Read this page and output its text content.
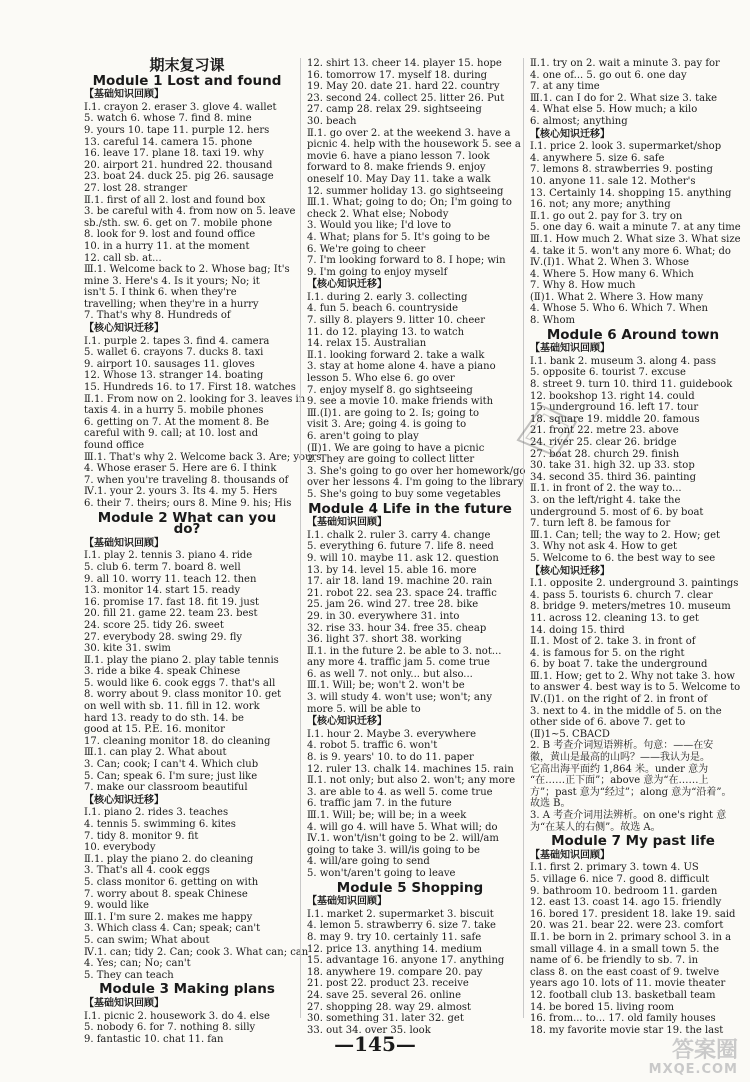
期末复习课
Module 1 Lost and found
【基础知识回顾】
Ⅰ.1. crayon 2. eraser 3. glove 4. wallet
5. watch 6. whose 7. find 8. mine
9. yours 10. tape 11. purple 12. hers
13. careful 14. camera 15. phone
16. leave 17. plane 18. taxi 19. why
20. airport 21. hundred 22. thousand
23. boat 24. duck 25. pig 26. sausage
27. lost 28. stranger
Ⅱ.1. first of all 2. lost and found box
3. be careful with 4. from now on 5. leave
sb./sth. sw. 6. get on 7. mobile phone
8. look for 9. lost and found office
10. in a hurry 11. at the moment
12. call sb. at...
Ⅲ.1. Welcome back to 2. Whose bag; It's
mine 3. Here's 4. Is it yours; No; it
isn't 5. I think 6. when they're
travelling; when they're in a hurry
7. That's why 8. Hundreds of
【核心知识迁移】
Ⅰ.1. purple 2. tapes 3. find 4. camera
5. wallet 6. crayons 7. ducks 8. taxi
9. airport 10. sausages 11. gloves
12. Whose 13. stranger 14. boating
15. Hundreds 16. to 17. First 18. watches
Ⅱ.1. From now on 2. looking for 3. leaves in
taxis 4. in a hurry 5. mobile phones
6. getting on 7. At the moment 8. Be
careful with 9. call; at 10. lost and
found office
Ⅲ.1. That's why 2. Welcome back 3. Are; yours
4. Whose eraser 5. Here are 6. I think
7. when you're traveling 8. thousands of
Ⅳ.1. your 2. yours 3. Its 4. my 5. Hers
6. their 7. theirs; ours 8. Mine 9. his; His
Module 2 What can you do?
【基础知识回顾】
Ⅰ.1. play 2. tennis 3. piano 4. ride
5. club 6. term 7. board 8. well
9. all 10. worry 11. teach 12. then
13. monitor 14. start 15. ready
16. promise 17. fast 18. fit 19. just
20. fill 21. game 22. team 23. best
24. score 25. tidy 26. sweet
27. everybody 28. swing 29. fly
30. kite 31. swim
Ⅱ.1. play the piano 2. play table tennis
3. ride a bike 4. speak Chinese
5. would like 6. cook eggs 7. that's all
8. worry about 9. class monitor 10. get
on well with sb. 11. fill in 12. work
hard 13. ready to do sth. 14. be
good at 15. P.E. 16. monitor
17. cleaning monitor 18. do cleaning
Ⅲ.1. can play 2. What about
3. Can; cook; I can't 4. Which club
5. Can; speak 6. I'm sure; just like
7. make our classroom beautiful
【核心知识迁移】
Ⅰ.1. piano 2. rides 3. teaches
4. tennis 5. swimming 6. kites
7. tidy 8. monitor 9. fit
10. everybody
Ⅱ.1. play the piano 2. do cleaning
3. That's all 4. cook eggs
5. class monitor 6. getting on with
7. worry about 8. speak Chinese
9. would like
Ⅲ.1. I'm sure 2. makes me happy
3. Which class 4. Can; speak; can't
5. can swim; What about
Ⅳ.1. can; tidy 2. Can; cook 3. What can; can
4. Yes; can; No; can't
5. They can teach
Module 3 Making plans
【基础知识回顾】
Ⅰ.1. picnic 2. housework 3. do 4. else
5. nobody 6. for 7. nothing 8. silly
9. fantastic 10. chat 11. fan
12. shirt 13. cheer 14. player 15. hope
16. tomorrow 17. myself 18. during
19. May 20. date 21. hard 22. country
23. second 24. collect 25. litter 26. Put
27. camp 28. relax 29. sightseeing
30. beach
Ⅱ.1. go over 2. at the weekend 3. have a
picnic 4. help with the housework 5. see a
movie 6. have a piano lesson 7. look
forward to 8. make friends 9. enjoy
oneself 10. May Day 11. take a walk
12. summer holiday 13. go sightseeing
Ⅲ.1. What; going to do; On; I'm going to
check 2. What else; Nobody
3. Would you like; I'd love to
4. What; plans for 5. It's going to be
6. We're going to cheer
7. I'm looking forward to 8. I hope; win
9. I'm going to enjoy myself
【核心知识迁移】
Ⅰ.1. during 2. early 3. collecting
4. fun 5. beach 6. countryside
7. silly 8. players 9. litter 10. cheer
11. do 12. playing 13. to watch
14. relax 15. Australian
Ⅱ.1. looking forward 2. take a walk
3. stay at home alone 4. have a piano
lesson 5. Who else 6. go over
7. enjoy myself 8. go sightseeing
9. see a movie 10. make friends with
Ⅲ.(Ⅰ)1. are going to 2. Is; going to
visit 3. Are; going 4. is going to
6. aren't going to play
(Ⅱ)1. We are going to have a picnic
2. They are going to collect litter
3. She's going to go over her homework/go
over her lessons 4. I'm going to the library
5. She's going to buy some vegetables
Module 4 Life in the future
【基础知识回顾】
Ⅰ.1. chalk 2. ruler 3. carry 4. change
5. everything 6. future 7. life 8. need
9. will 10. maybe 11. ask 12. question
13. by 14. level 15. able 16. more
17. air 18. land 19. machine 20. rain
21. robot 22. sea 23. space 24. traffic
25. jam 26. wind 27. tree 28. bike
29. in 30. everywhere 31. into
32. rise 33. hour 34. free 35. cheap
36. light 37. short 38. working
Ⅱ.1. in the future 2. be able to 3. not...
any more 4. traffic jam 5. come true
6. as well 7. not only... but also...
Ⅲ.1. Will; be; won't 2. won't be
3. will study 4. won't use; won't; any
more 5. will be able to
【核心知识迁移】
Ⅰ.1. hour 2. Maybe 3. everywhere
4. robot 5. traffic 6. won't
8. is 9. years' 10. to do 11. paper
12. ruler 13. chalk 14. machines 15. rain
Ⅱ.1. not only; but also 2. won't; any more
3. are able to 4. as well 5. come true
6. traffic jam 7. in the future
Ⅲ.1. Will; be; will be; in a week
4. will go 4. will have 5. What will; do
Ⅳ.1. won't/isn't going to be 2. will/am
going to take 3. will/is going to be
4. will/are going to send
5. won't/aren't going to leave
Module 5 Shopping
【基础知识回顾】
Ⅰ.1. market 2. supermarket 3. biscuit
4. lemon 5. strawberry 6. size 7. take
8. may 9. try 10. certainly 11. safe
12. price 13. anything 14. medium
15. advantage 16. anyone 17. anything
18. anywhere 19. compare 20. pay
21. post 22. product 23. receive
24. save 25. several 26. online
27. shopping 28. way 29. almost
30. something 31. later 32. get
33. out 34. over 35. look
Ⅱ.1. try on 2. wait a minute 3. pay for
4. one of... 5. go out 6. one day
7. at any time
Ⅲ.1. can I do for 2. What size 3. take
4. What else 5. How much; a kilo
6. almost; anything
【核心知识迁移】
Ⅰ.1. price 2. look 3. supermarket/shop
4. anywhere 5. size 6. safe
7. lemons 8. strawberries 9. posting
10. anyone 11. sale 12. Mother's
13. Certainly 14. shopping 15. anything
16. not; any more; anything
Ⅱ.1. go out 2. pay for 3. try on
5. one day 6. wait a minute 7. at any time
Ⅲ.1. How much 2. What size 3. What size
4. take it 5. won't any more 6. What; do
Ⅳ.(Ⅰ)1. What 2. When 3. Whose
4. Where 5. How many 6. Which
7. Why 8. How much
(Ⅱ)1. What 2. Where 3. How many
4. Whose 5. Who 6. Which 7. When
8. Whom
Module 6 Around town
【基础知识回顾】
Ⅰ.1. bank 2. museum 3. along 4. pass
5. opposite 6. tourist 7. excuse
8. street 9. turn 10. third 11. guidebook
12. bookshop 13. right 14. could
15. underground 16. left 17. tour
18. square 19. middle 20. famous
21. front 22. metre 23. above
24. river 25. clear 26. bridge
27. boat 28. church 29. finish
30. take 31. high 32. up 33. stop
34. second 35. third 36. painting
Ⅱ.1. in front of 2. the way to...
3. on the left/right 4. take the
underground 5. most of 6. by boat
7. turn left 8. be famous for
Ⅲ.1. Can; tell; the way to 2. How; get
3. Why not ask 4. How to get
5. Welcome to 6. the best way to see
【核心知识迁移】
Ⅰ.1. opposite 2. underground 3. paintings
4. pass 5. tourists 6. church 7. clear
8. bridge 9. meters/metres 10. museum
11. across 12. cleaning 13. to get
14. doing 15. third
Ⅱ.1. Most of 2. take 3. in front of
4. is famous for 5. on the right
6. by boat 7. take the underground
Ⅲ.1. How; get to 2. Why not take 3. how
to answer 4. best way is to 5. Welcome to
Ⅳ.(Ⅰ)1. on the right of 2. in front of
3. next to 4. in the middle of 5. on the
other side of 6. above 7. get to
(Ⅱ)1~5. CBACD
2. B 考查介词短语辨析。句意：——在安
徽，黄山是最高的山吗？——我认为是。
它高出海平面约 1,864 米。under 意为
“在……正下面”；above 意为“在……上
方”；past 意为“经过”；along 意为“沿着”。
故选 B。
3. A 考查介词用法辨析。on one's right 意
为“在某人的右侧”。故选 A。
Module 7 My past life
【基础知识回顾】
Ⅰ.1. first 2. primary 3. town 4. US
5. village 6. nice 7. good 8. difficult
9. bathroom 10. bedroom 11. garden
12. east 13. coast 14. ago 15. friendly
16. bored 17. president 18. lake 19. said
20. was 21. bear 22. were 23. comfort
Ⅱ.1. be born in 2. primary school 3. in a
small village 4. in a small town 5. the
name of 6. be friendly to sb. 7. in
class 8. on the east coast of 9. twelve
years ago 10. lots of 11. movie theater
12. football club 13. basketball team
14. be bored 15. living room
16. from... to... 17. old family houses
18. my favorite movie star 19. the last
—145—	答案圈
MXQE.COM
